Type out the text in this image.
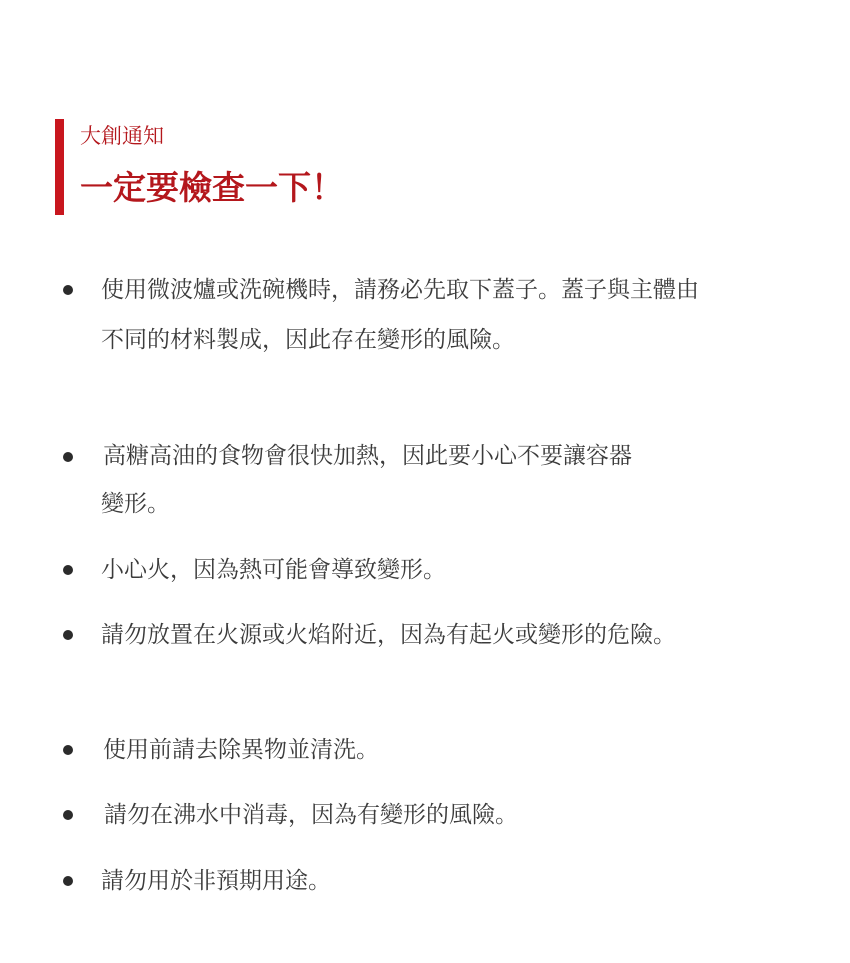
大創通知
一定要檢查一下！
使用微波爐或洗碗機時，請務必先取下蓋子。蓋子與主體由
不同的材料製成，因此存在變形的風險。
高糖高油的食物會很快加熱，因此要小心不要讓容器
變形。
小心火，因為熱可能會導致變形。
請勿放置在火源或火焰附近，因為有起火或變形的危險。
使用前請去除異物並清洗。
請勿在沸水中消毒，因為有變形的風險。
請勿用於非預期用途。
